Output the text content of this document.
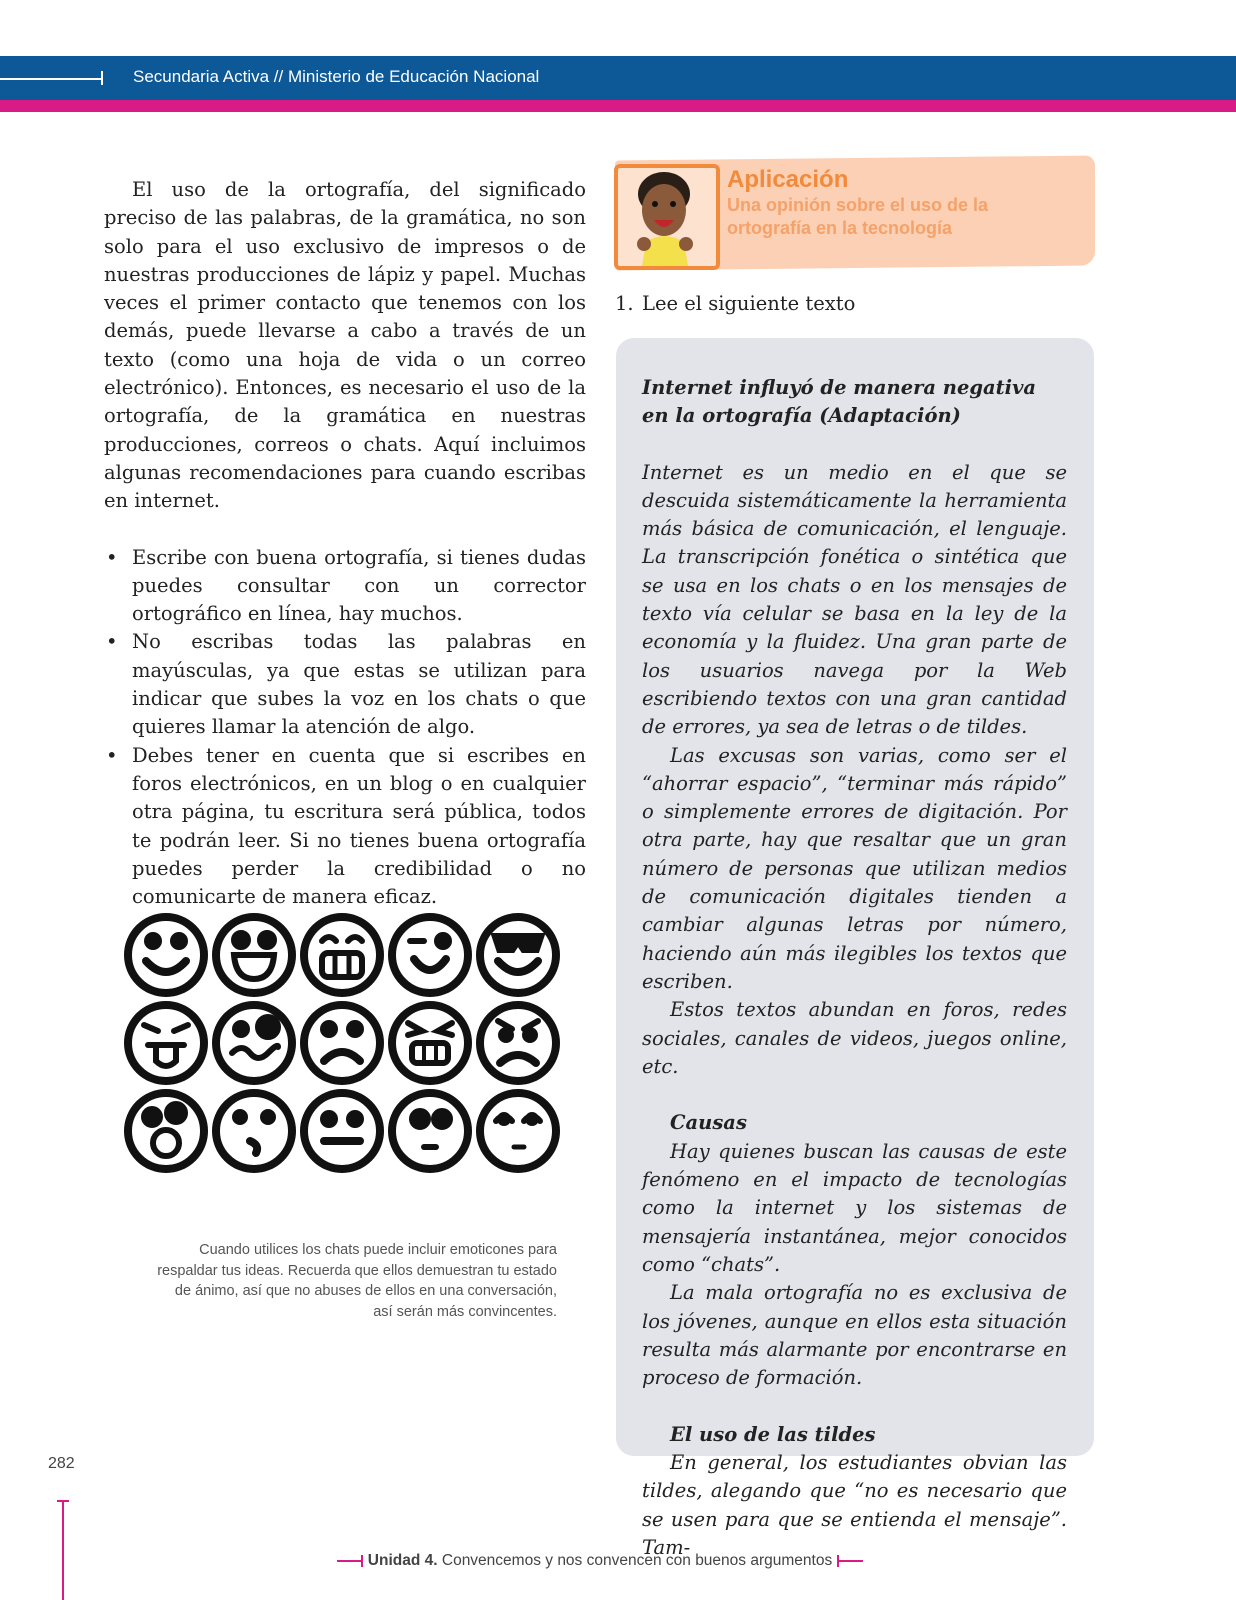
Secundaria Activa // Ministerio de Educación Nacional

El uso de la ortografía, del significado preciso de las palabras, de la gramática, no son solo para el uso exclusivo de impresos o de nuestras producciones de lápiz y papel. Muchas veces el primer contacto que tenemos con los demás, puede llevarse a cabo a través de un texto (como una hoja de vida o un correo electrónico). Entonces, es necesario el uso de la ortografía, de la gramática en nuestras producciones, correos o chats. Aquí incluimos algunas recomendaciones para cuando escribas en internet.

• Escribe con buena ortografía, si tienes dudas puedes consultar con un corrector ortográfico en línea, hay muchos.
• No escribas todas las palabras en mayúsculas, ya que estas se utilizan para indicar que subes la voz en los chats o que quieres llamar la atención de algo.
• Debes tener en cuenta que si escribes en foros electrónicos, en un blog o en cualquier otra página, tu escritura será pública, todos te podrán leer. Si no tienes buena ortografía puedes perder la credibilidad o no comunicarte de manera eficaz.
Cuando utilices los chats puede incluir emoticones para
respaldar tus ideas. Recuerda que ellos demuestran tu estado
de ánimo, así que no abuses de ellos en una conversación,
así serán más convincentes.
Aplicación
Una opinión sobre el uso de la ortografía en la tecnología
1. Lee el siguiente texto
Internet influyó de manera negativa
en la ortografía (Adaptación)

Internet es un medio en el que se descuida sistemáticamente la herramienta más básica de comunicación, el lenguaje. La transcripción fonética o sintética que se usa en los chats o en los mensajes de texto vía celular se basa en la ley de la economía y la fluidez. Una gran parte de los usuarios navega por la Web escribiendo textos con una gran cantidad de errores, ya sea de letras o de tildes.

Las excusas son varias, como ser el “ahorrar espacio”, “terminar más rápido” o simplemente errores de digitación. Por otra parte, hay que resaltar que un gran número de personas que utilizan medios de comunicación digitales tienden a cambiar algunas letras por número, haciendo aún más ilegibles los textos que escriben.

Estos textos abundan en foros, redes sociales, canales de videos, juegos online, etc.

Causas

Hay quienes buscan las causas de este fenómeno en el impacto de tecnologías como la internet y los sistemas de mensajería instantánea, mejor conocidos como “chats”.

La mala ortografía no es exclusiva de los jóvenes, aunque en ellos esta situación resulta más alarmante por encontrarse en proceso de formación.

El uso de las tildes

En general, los estudiantes obvian las tildes, alegando que “no es necesario que se usen para que se entienda el mensaje”. Tam-

282
Unidad 4. Convencemos y nos convencen con buenos argumentos
